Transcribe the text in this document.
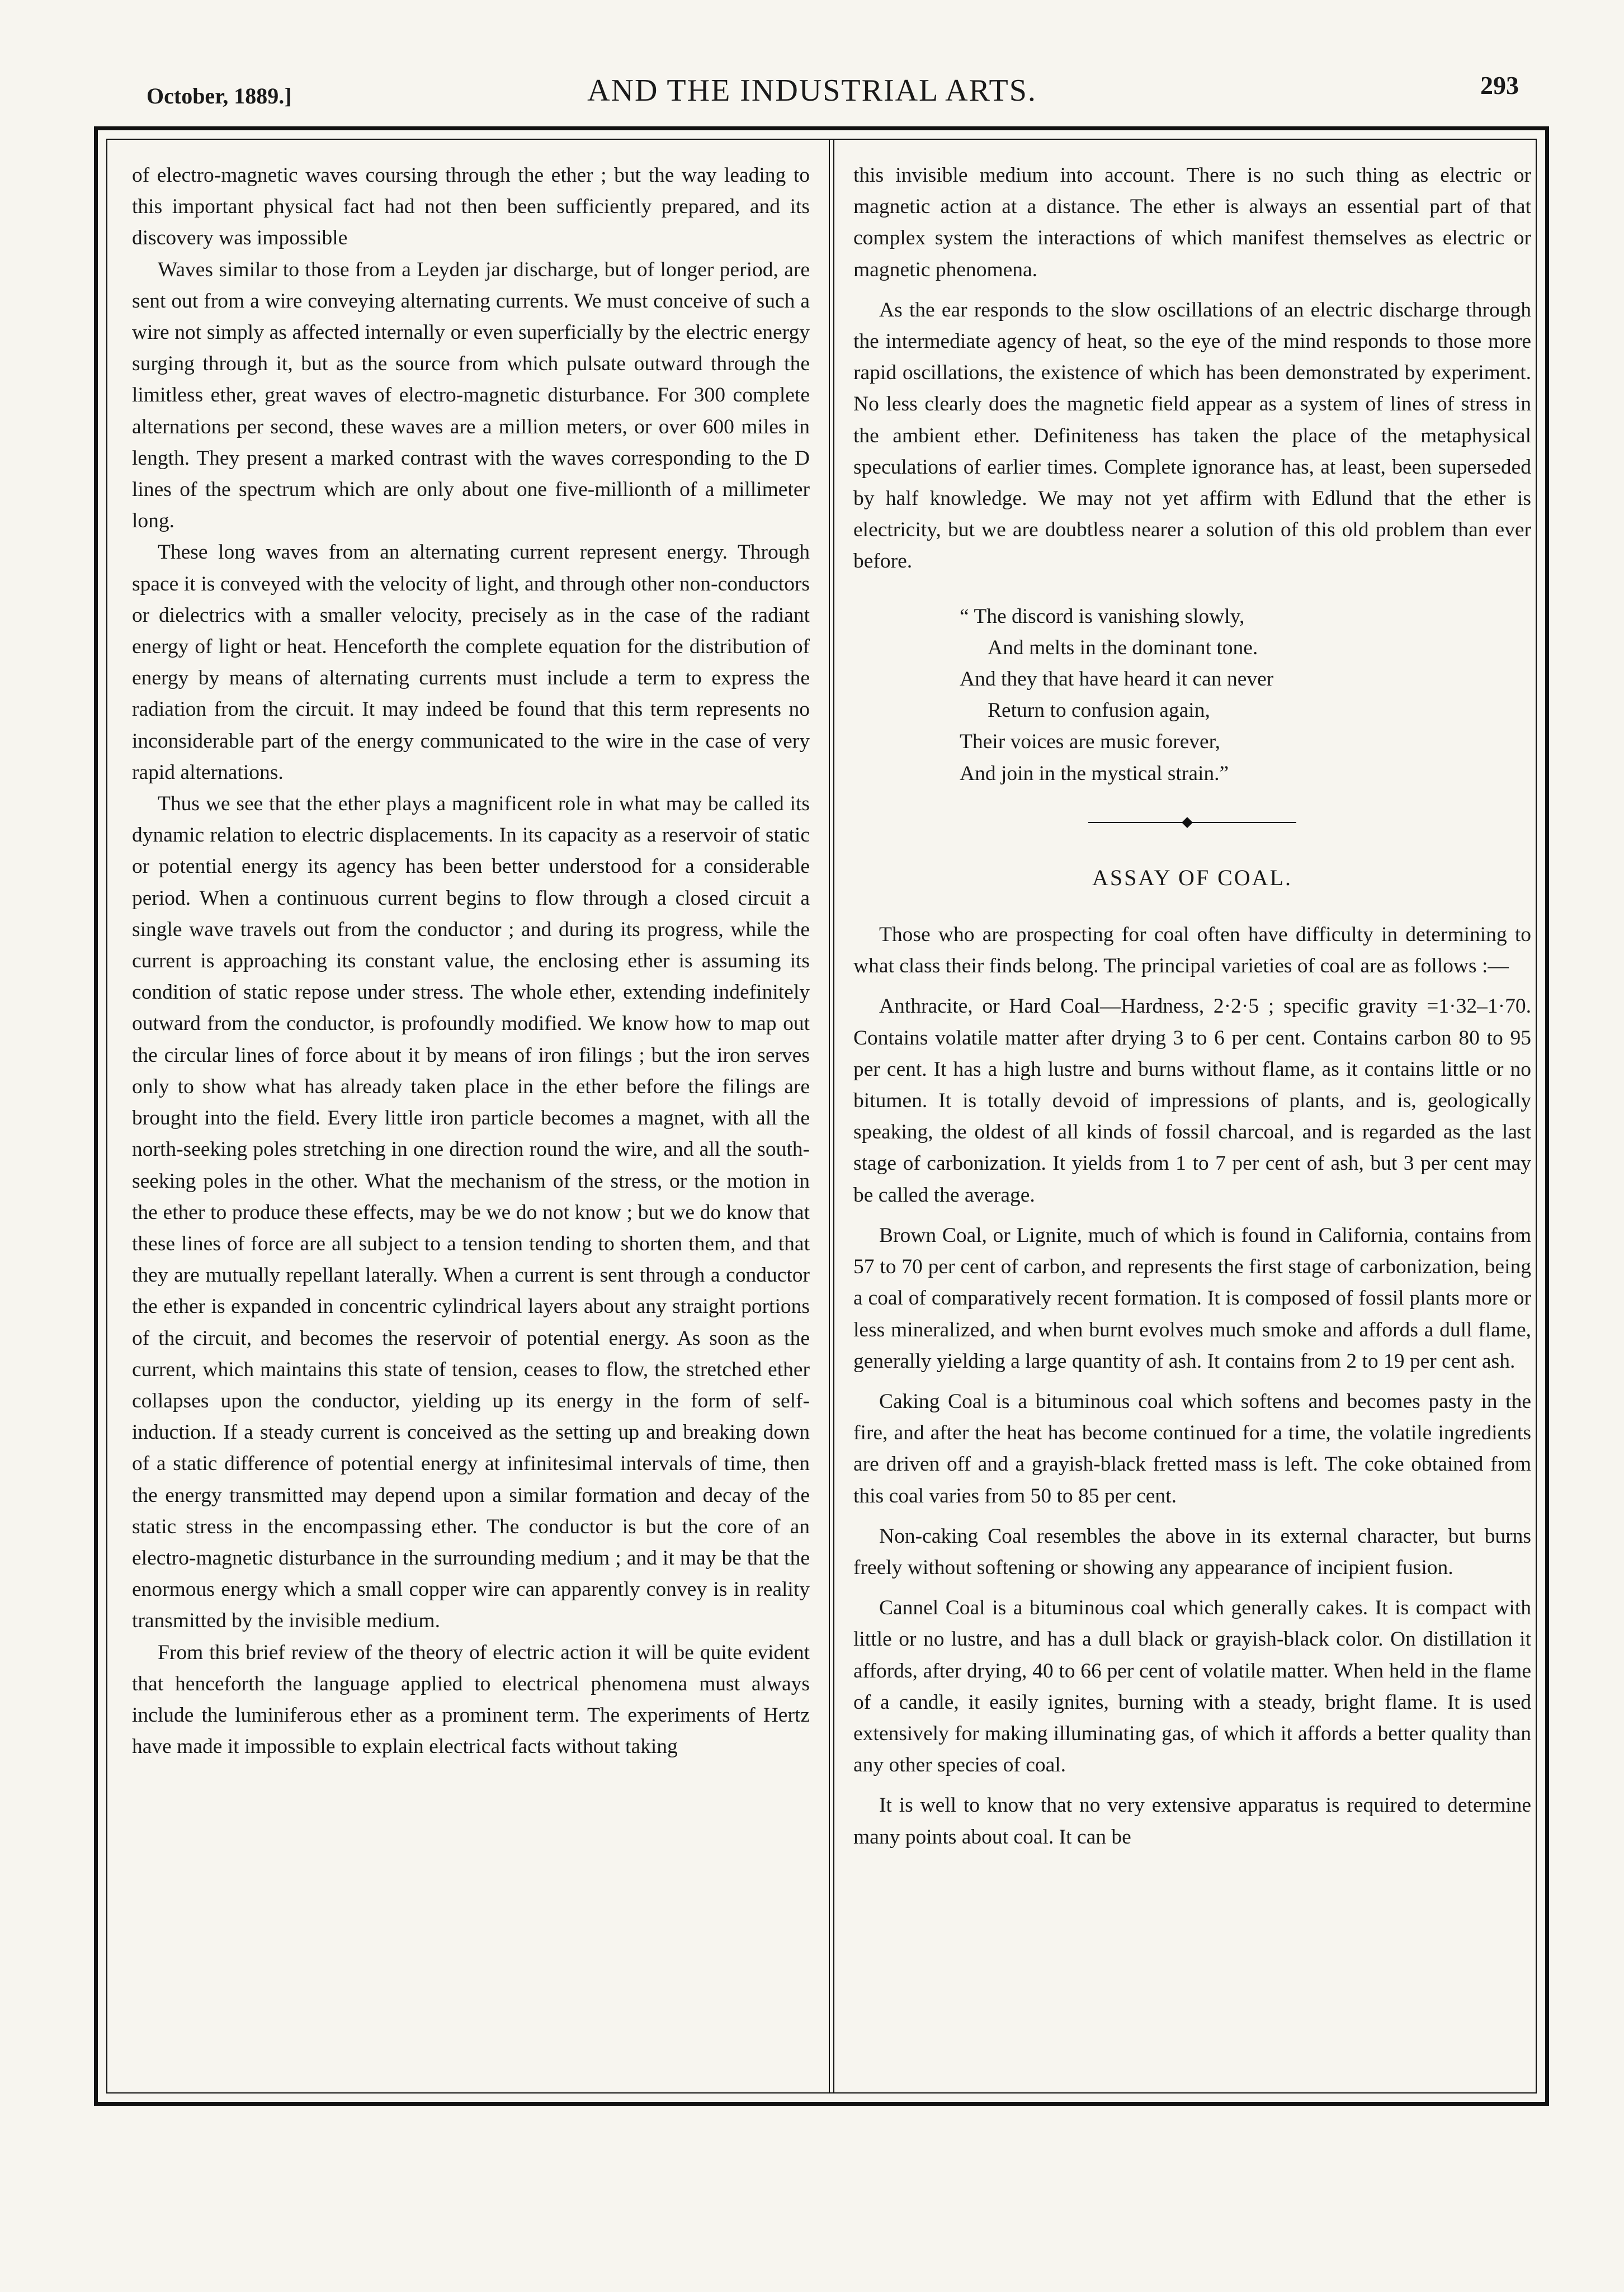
October, 1889.]	AND THE INDUSTRIAL ARTS.	293

of electro-magnetic waves coursing through the ether ; but the way leading to this important physical fact had not then been sufficiently prepared, and its discovery was impossible

Waves similar to those from a Leyden jar discharge, but of longer period, are sent out from a wire conveying alternating currents. We must conceive of such a wire not simply as affected internally or even superficially by the electric energy surging through it, but as the source from which pulsate outward through the limitless ether, great waves of electro-magnetic disturbance. For 300 complete alternations per second, these waves are a million meters, or over 600 miles in length. They present a marked contrast with the waves corresponding to the D lines of the spectrum which are only about one five-millionth of a millimeter long.

These long waves from an alternating current represent energy. Through space it is conveyed with the velocity of light, and through other non-conductors or dielectrics with a smaller velocity, precisely as in the case of the radiant energy of light or heat. Henceforth the complete equation for the distribution of energy by means of alternating currents must include a term to express the radiation from the circuit. It may indeed be found that this term represents no inconsiderable part of the energy communicated to the wire in the case of very rapid alternations.

Thus we see that the ether plays a magnificent role in what may be called its dynamic relation to electric displacements. In its capacity as a reservoir of static or potential energy its agency has been better understood for a considerable period. When a continuous current begins to flow through a closed circuit a single wave travels out from the conductor ; and during its progress, while the current is approaching its constant value, the enclosing ether is assuming its condition of static repose under stress. The whole ether, extending indefinitely outward from the conductor, is profoundly modified. We know how to map out the circular lines of force about it by means of iron filings ; but the iron serves only to show what has already taken place in the ether before the filings are brought into the field. Every little iron particle becomes a magnet, with all the north-seeking poles stretching in one direction round the wire, and all the south-seeking poles in the other. What the mechanism of the stress, or the motion in the ether to produce these effects, may be we do not know ; but we do know that these lines of force are all subject to a tension tending to shorten them, and that they are mutually repellant laterally. When a current is sent through a conductor the ether is expanded in concentric cylindrical layers about any straight portions of the circuit, and becomes the reservoir of potential energy. As soon as the current, which maintains this state of tension, ceases to flow, the stretched ether collapses upon the conductor, yielding up its energy in the form of self-induction. If a steady current is conceived as the setting up and breaking down of a static difference of potential energy at infinitesimal intervals of time, then the energy transmitted may depend upon a similar formation and decay of the static stress in the encompassing ether. The conductor is but the core of an electro-magnetic disturbance in the surrounding medium ; and it may be that the enormous energy which a small copper wire can apparently convey is in reality transmitted by the invisible medium.

From this brief review of the theory of electric action it will be quite evident that henceforth the language applied to electrical phenomena must always include the luminiferous ether as a prominent term. The experiments of Hertz have made it impossible to explain electrical facts without taking

this invisible medium into account. There is no such thing as electric or magnetic action at a distance. The ether is always an essential part of that complex system the interactions of which manifest themselves as electric or magnetic phenomena.

As the ear responds to the slow oscillations of an electric discharge through the intermediate agency of heat, so the eye of the mind responds to those more rapid oscillations, the existence of which has been demonstrated by experiment. No less clearly does the magnetic field appear as a system of lines of stress in the ambient ether. Definiteness has taken the place of the metaphysical speculations of earlier times. Complete ignorance has, at least, been superseded by half knowledge. We may not yet affirm with Edlund that the ether is electricity, but we are doubtless nearer a solution of this old problem than ever before.

“ The discord is vanishing slowly,
And melts in the dominant tone.
And they that have heard it can never
Return to confusion again,
Their voices are music forever,
And join in the mystical strain.”
ASSAY OF COAL.

Those who are prospecting for coal often have difficulty in determining to what class their finds belong. The principal varieties of coal are as follows :—

Anthracite, or Hard Coal—Hardness, 2·2·5 ; specific gravity =1·32–1·70. Contains volatile matter after drying 3 to 6 per cent. Contains carbon 80 to 95 per cent. It has a high lustre and burns without flame, as it contains little or no bitumen. It is totally devoid of impressions of plants, and is, geologically speaking, the oldest of all kinds of fossil charcoal, and is regarded as the last stage of carbonization. It yields from 1 to 7 per cent of ash, but 3 per cent may be called the average.

Brown Coal, or Lignite, much of which is found in California, contains from 57 to 70 per cent of carbon, and represents the first stage of carbonization, being a coal of comparatively recent formation. It is composed of fossil plants more or less mineralized, and when burnt evolves much smoke and affords a dull flame, generally yielding a large quantity of ash. It contains from 2 to 19 per cent ash.

Caking Coal is a bituminous coal which softens and becomes pasty in the fire, and after the heat has become continued for a time, the volatile ingredients are driven off and a grayish-black fretted mass is left. The coke obtained from this coal varies from 50 to 85 per cent.

Non-caking Coal resembles the above in its external character, but burns freely without softening or showing any appearance of incipient fusion.

Cannel Coal is a bituminous coal which generally cakes. It is compact with little or no lustre, and has a dull black or grayish-black color. On distillation it affords, after drying, 40 to 66 per cent of volatile matter. When held in the flame of a candle, it easily ignites, burning with a steady, bright flame. It is used extensively for making illuminating gas, of which it affords a better quality than any other species of coal.

It is well to know that no very extensive apparatus is required to determine many points about coal. It can be
